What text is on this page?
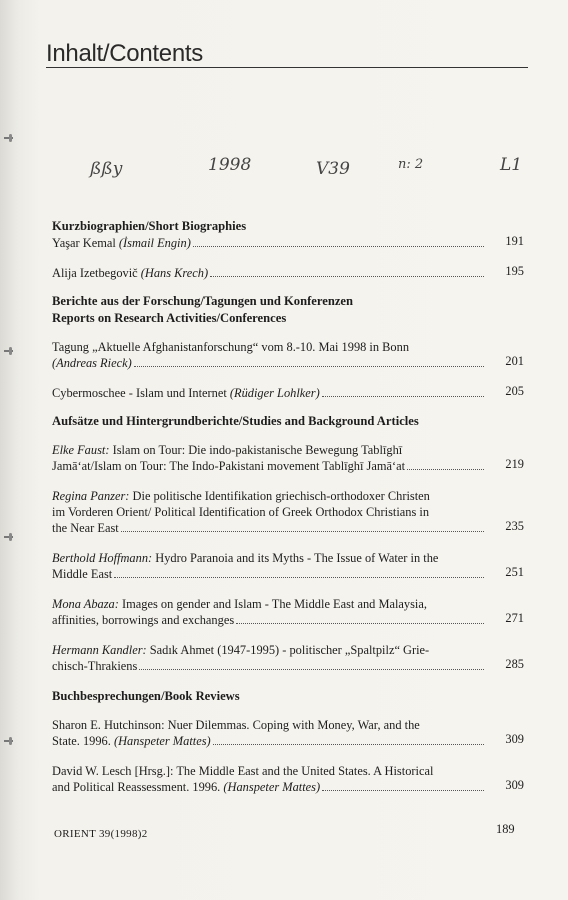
Inhalt/Contents
ßßy	1998	V39	n: 2	L1
Kurzbiographien/Short Biographies
Yaşar Kemal
(İsmail Engin)	191
Alija Izetbegovič
(Hans Krech)	195
Berichte aus der Forschung/Tagungen und Konferenzen
Reports on Research Activities/Conferences
Tagung „Aktuelle Afghanistanforschung“ vom 8.-10. Mai 1998 in Bonn
(Andreas Rieck)	201
Cybermoschee - Islam und Internet
(Rüdiger Lohlker)	205
Aufsätze und Hintergrundberichte/Studies and Background Articles
Elke Faust: Islam on Tour: Die indo-pakistanische Bewegung Tablīghī
Jamā‘at/Islam on Tour: The Indo-Pakistani movement Tablīghī Jamā‘at	219
Regina Panzer: Die politische Identifikation griechisch-orthodoxer Christen
im Vorderen Orient/ Political Identification of Greek Orthodox Christians in
the Near East	235
Berthold Hoffmann: Hydro Paranoia and its Myths - The Issue of Water in the
Middle East	251
Mona Abaza: Images on gender and Islam - The Middle East and Malaysia,
affinities, borrowings and exchanges	271
Hermann Kandler: Sadık Ahmet (1947-1995) - politischer „Spaltpilz“ Grie-
chisch-Thrakiens	285
Buchbesprechungen/Book Reviews
Sharon E. Hutchinson: Nuer Dilemmas. Coping with Money, War, and the
State. 1996.
(Hanspeter Mattes)	309
David W. Lesch [Hrsg.]: The Middle East and the United States. A Historical
and Political Reassessment. 1996.
(Hanspeter Mattes)	309
ORIENT 39(1998)2	189
